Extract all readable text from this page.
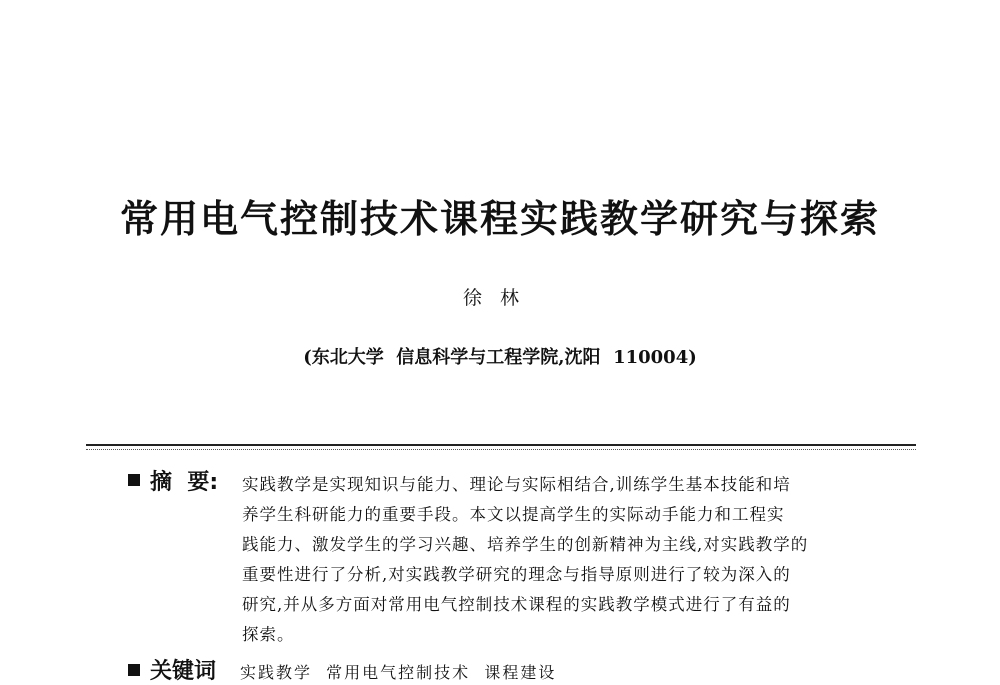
常用电气控制技术课程实践教学研究与探索
徐林
(东北大学  信息科学与工程学院,沈阳  110004)
摘  要:	实践教学是实现知识与能力、理论与实际相结合,训练学生基本技能和培
养学生科研能力的重要手段。本文以提高学生的实际动手能力和工程实
践能力、激发学生的学习兴趣、培养学生的创新精神为主线,对实践教学的
重要性进行了分析,对实践教学研究的理念与指导原则进行了较为深入的
研究,并从多方面对常用电气控制技术课程的实践教学模式进行了有益的
探索。
关键词 实践教学  常用电气控制技术  课程建设
